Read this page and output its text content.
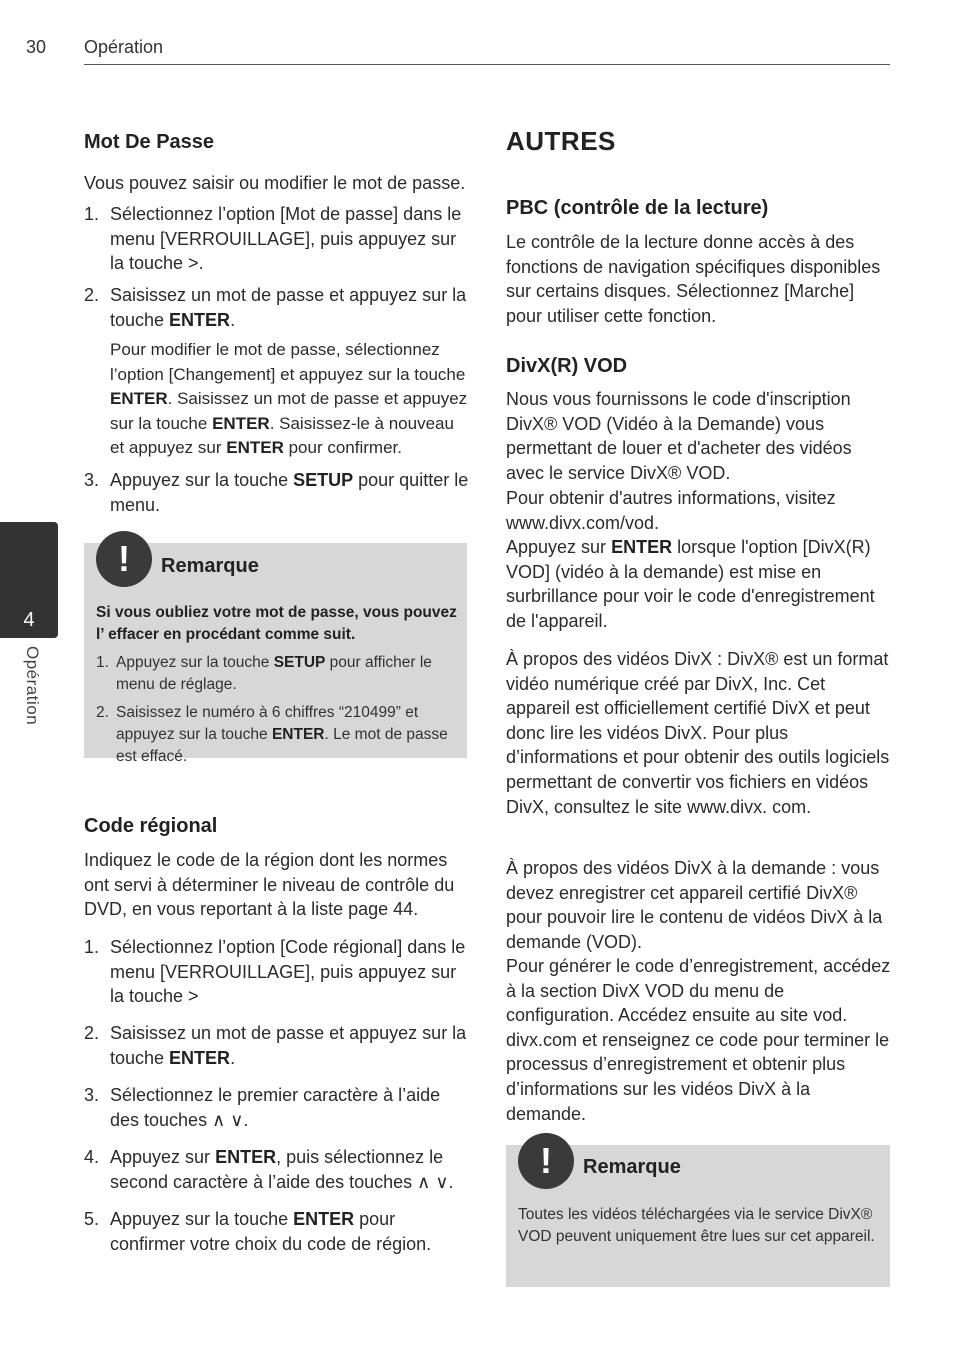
30 Opération
4
Opération
Mot De Passe
Vous pouvez saisir ou modifier le mot de passe.
1. Sélectionnez l’option [Mot de passe] dans le menu [VERROUILLAGE], puis appuyez sur la touche >.
2. Saisissez un mot de passe et appuyez sur la touche ENTER.
Pour modifier le mot de passe, sélectionnez l’option [Changement] et appuyez sur la touche ENTER. Saisissez un mot de passe et appuyez sur la touche ENTER. Saisissez-le à nouveau et appuyez sur ENTER pour confirmer.
3. Appuyez sur la touche SETUP pour quitter le menu.
Code régional
Indiquez le code de la région dont les normes ont servi à déterminer le niveau de contrôle du DVD, en vous reportant à la liste page 44.
1. Sélectionnez l’option [Code régional] dans le menu [VERROUILLAGE], puis appuyez sur la touche >
2. Saisissez un mot de passe et appuyez sur la touche ENTER.
3. Sélectionnez le premier caractère à l’aide des touches ∧ ∨.
4. Appuyez sur ENTER, puis sélectionnez le second caractère à l’aide des touches ∧ ∨.
5. Appuyez sur la touche ENTER pour confirmer votre choix du code de région.
!	Remarque
Si vous oubliez votre mot de passe, vous pouvez l’ effacer en procédant comme suit.
1. Appuyez sur la touche SETUP pour afficher le menu de réglage.
2. Saisissez le numéro à 6 chiffres “210499” et appuyez sur la touche ENTER. Le mot de passe est effacé.
AUTRES
PBC (contrôle de la lecture)
Le contrôle de la lecture donne accès à des fonctions de navigation spécifiques disponibles sur certains disques. Sélectionnez [Marche] pour utiliser cette fonction.
DivX(R) VOD
Nous vous fournissons le code d'inscription DivX® VOD (Vidéo à la Demande) vous permettant de louer et d'acheter des vidéos avec le service DivX® VOD.
Pour obtenir d'autres informations, visitez www.divx.com/vod.
Appuyez sur ENTER lorsque l'option [DivX(R) VOD] (vidéo à la demande) est mise en surbrillance pour voir le code d'enregistrement de l'appareil.
À propos des vidéos DivX : DivX® est un format vidéo numérique créé par DivX, Inc. Cet appareil est officiellement certifié DivX et peut donc lire les vidéos DivX. Pour plus d’informations et pour obtenir des outils logiciels permettant de convertir vos fichiers en vidéos DivX, consultez le site www.divx. com.
À propos des vidéos DivX à la demande : vous devez enregistrer cet appareil certifié DivX® pour pouvoir lire le contenu de vidéos DivX à la demande (VOD).
Pour générer le code d’enregistrement, accédez à la section DivX VOD du menu de configuration. Accédez ensuite au site vod. divx.com et renseignez ce code pour terminer le processus d’enregistrement et obtenir plus d’informations sur les vidéos DivX à la demande.
!	Remarque
Toutes les vidéos téléchargées via le service DivX® VOD peuvent uniquement être lues sur cet appareil.
